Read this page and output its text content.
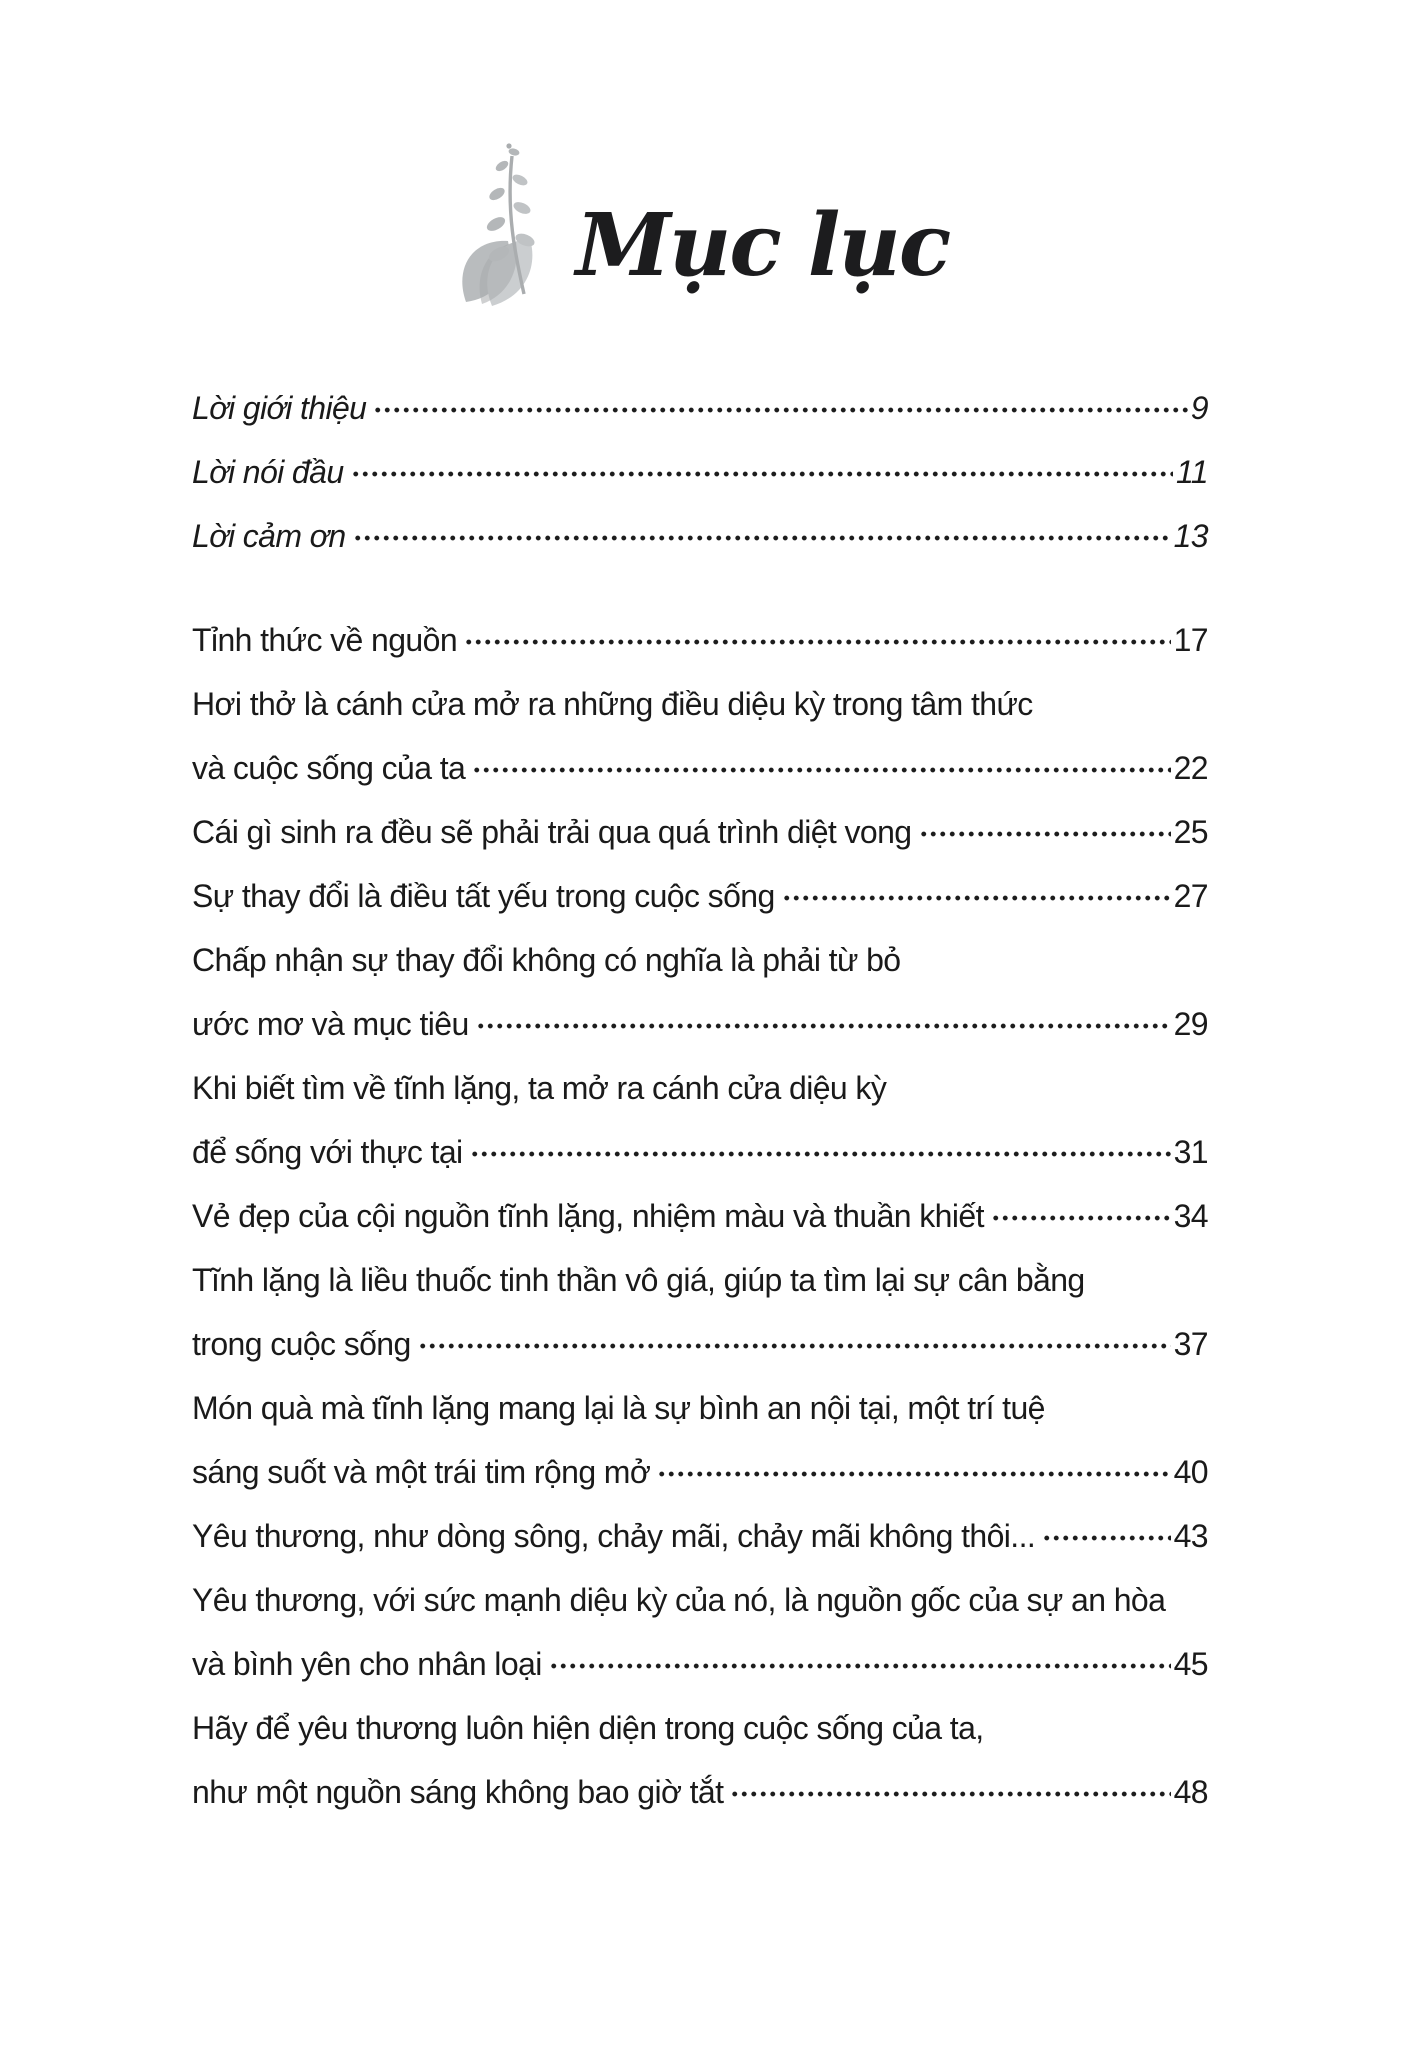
Mục lục
Lời giới thiệu	9
Lời nói đầu	11
Lời cảm ơn	13
Tỉnh thức về nguồn	17
Hơi thở là cánh cửa mở ra những điều diệu kỳ trong tâm thức
và cuộc sống của ta	22
Cái gì sinh ra đều sẽ phải trải qua quá trình diệt vong	25
Sự thay đổi là điều tất yếu trong cuộc sống	27
Chấp nhận sự thay đổi không có nghĩa là phải từ bỏ
ước mơ và mục tiêu	29
Khi biết tìm về tĩnh lặng, ta mở ra cánh cửa diệu kỳ
để sống với thực tại	31
Vẻ đẹp của cội nguồn tĩnh lặng, nhiệm màu và thuần khiết	34
Tĩnh lặng là liều thuốc tinh thần vô giá, giúp ta tìm lại sự cân bằng
trong cuộc sống	37
Món quà mà tĩnh lặng mang lại là sự bình an nội tại, một trí tuệ
sáng suốt và một trái tim rộng mở	40
Yêu thương, như dòng sông, chảy mãi, chảy mãi không thôi...	43
Yêu thương, với sức mạnh diệu kỳ của nó, là nguồn gốc của sự an hòa
và bình yên cho nhân loại	45
Hãy để yêu thương luôn hiện diện trong cuộc sống của ta,
như một nguồn sáng không bao giờ tắt	48
